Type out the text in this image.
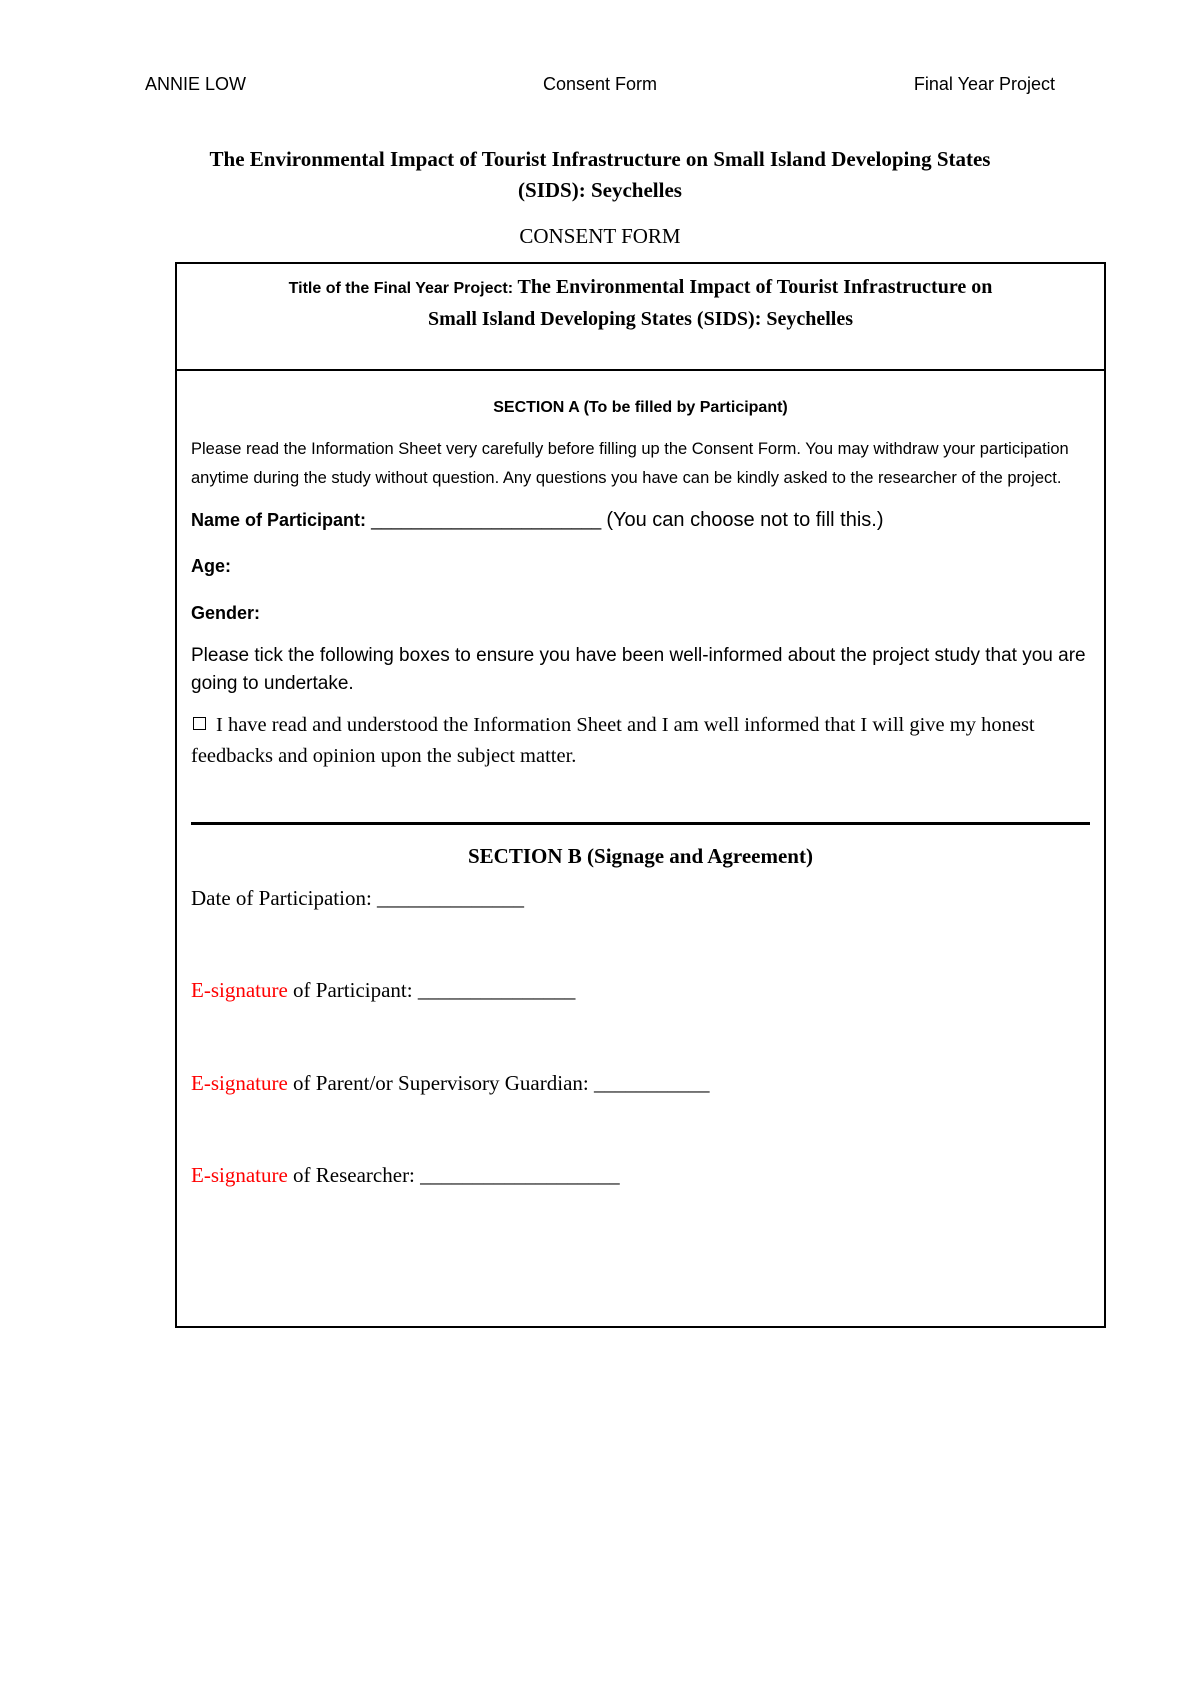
ANNIE LOW	Consent Form	Final Year Project
The Environmental Impact of Tourist Infrastructure on Small Island Developing States
(SIDS): Seychelles
CONSENT FORM
Title of the Final Year Project: The Environmental Impact of Tourist Infrastructure on
Small Island Developing States (SIDS): Seychelles
SECTION A (To be filled by Participant)
Please read the Information Sheet very carefully before filling up the Consent Form. You may withdraw your participation anytime during the study without question. Any questions you have can be kindly asked to the researcher of the project.
Name of Participant: _______________________ (You can choose not to fill this.)
Age:
Gender:
Please tick the following boxes to ensure you have been well-informed about the project study that you are going to undertake.
I have read and understood the Information Sheet and I am well informed that I will give my honest feedbacks and opinion upon the subject matter.
SECTION B (Signage and Agreement)
Date of Participation: ______________
E-signature of Participant: _______________
E-signature of Parent/or Supervisory Guardian: ___________
E-signature of Researcher: ___________________
